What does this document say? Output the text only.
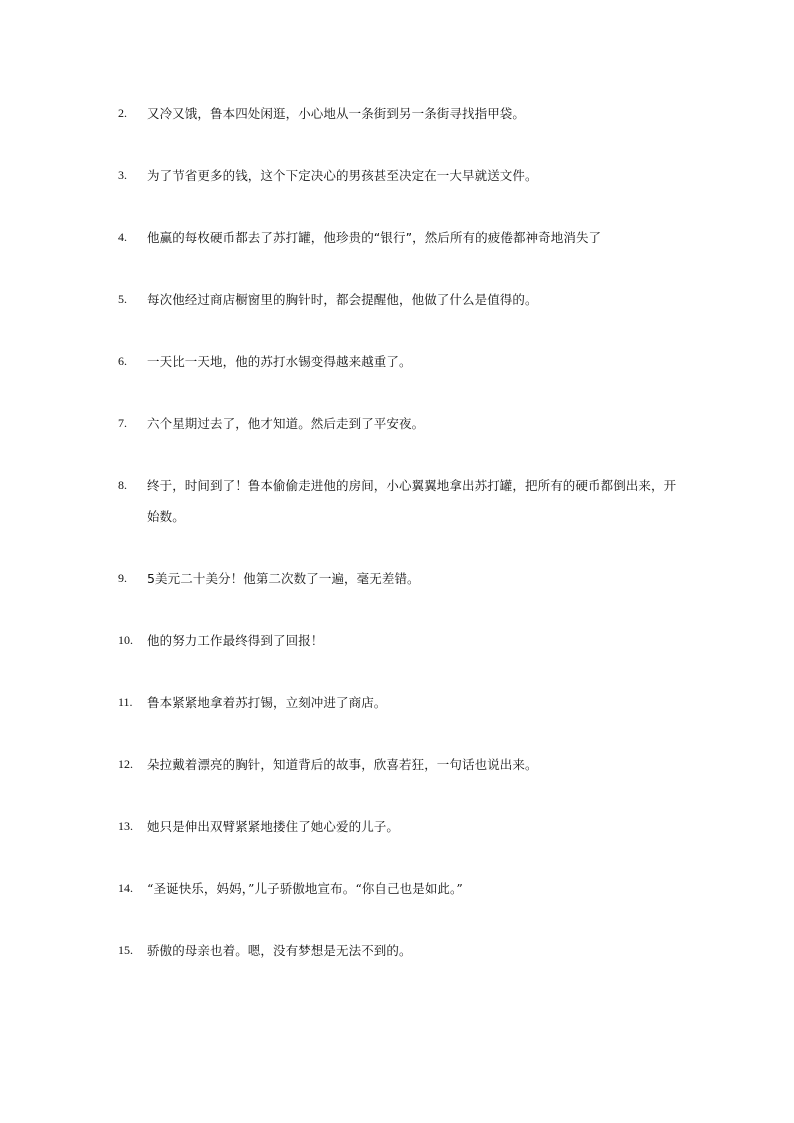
2.	又冷又饿，鲁本四处闲逛，小心地从一条街到另一条街寻找指甲袋。
3.	为了节省更多的钱，这个下定决心的男孩甚至决定在一大早就送文件。
4.	他赢的每枚硬币都去了苏打罐，他珍贵的“银行”，然后所有的疲倦都神奇地消失了
5.	每次他经过商店橱窗里的胸针时，都会提醒他，他做了什么是值得的。
6.	一天比一天地，他的苏打水锡变得越来越重了。
7.	六个星期过去了，他才知道。然后走到了平安夜。
8.	终于，时间到了！鲁本偷偷走进他的房间，小心翼翼地拿出苏打罐，把所有的硬币都倒出来，开始数。
9.	5美元二十美分！他第二次数了一遍，毫无差错。
10.	他的努力工作最终得到了回报！
11.	鲁本紧紧地拿着苏打锡，立刻冲进了商店。
12.	朵拉戴着漂亮的胸针，知道背后的故事，欣喜若狂，一句话也说出来。
13.	她只是伸出双臂紧紧地搂住了她心爱的儿子。
14.	“圣诞快乐，妈妈，”儿子骄傲地宣布。“你自己也是如此。”
15.	骄傲的母亲也着。嗯，没有梦想是无法不到的。
